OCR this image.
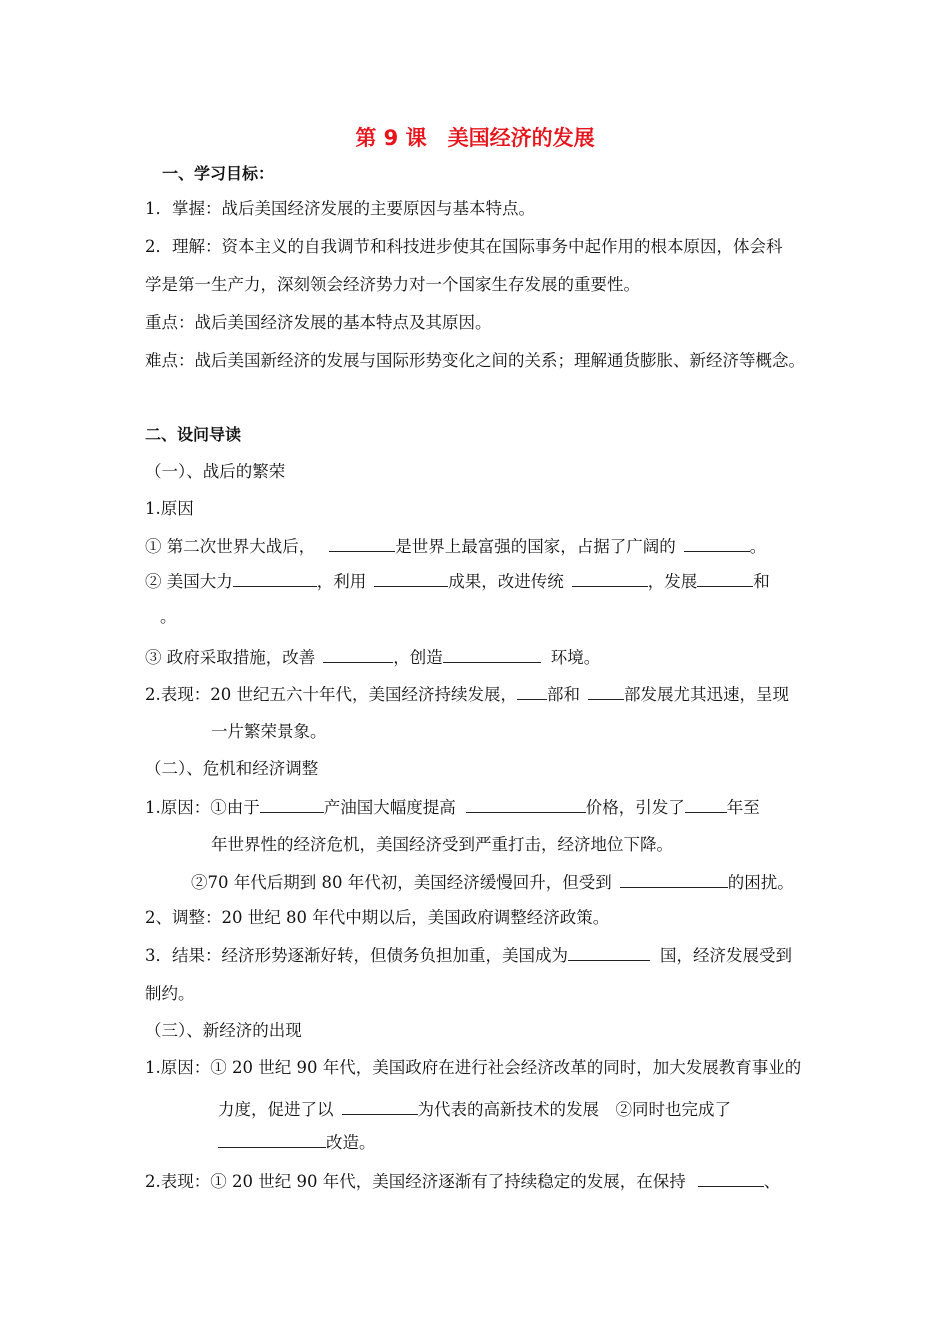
第 9 课　美国经济的发展
一、学习目标：
1．掌握：战后美国经济发展的主要原因与基本特点。
2．理解：资本主义的自我调节和科技进步使其在国际事务中起作用的根本原因，体会科
学是第一生产力，深刻领会经济势力对一个国家生存发展的重要性。
重点：战后美国经济发展的基本特点及其原因。
难点：战后美国新经济的发展与国际形势变化之间的关系；理解通货膨胀、新经济等概念。
二、设问导读
（一）、战后的繁荣
1.原因
① 第二次世界大战后，	是世界上最富强的国家，占据了广阔的	。
② 美国大力	，利用	成果，改进传统	，发展	和
。
③ 政府采取措施，改善	，创造	环境。
2.表现：20 世纪五六十年代，美国经济持续发展， 部和	部发展尤其迅速，呈现
一片繁荣景象。
（二）、危机和经济调整
1.原因：①由于	产油国大幅度提高	价格，引发了	年至
年世界性的经济危机，美国经济受到严重打击，经济地位下降。
②70 年代后期到 80 年代初，美国经济缓慢回升，但受到	的困扰。
2、调整：20 世纪 80 年代中期以后，美国政府调整经济政策。
3．结果：经济形势逐渐好转，但债务负担加重，美国成为	国，经济发展受到
制约。
（三）、新经济的出现
1.原因：① 20 世纪 90 年代，美国政府在进行社会经济改革的同时，加大发展教育事业的
力度，促进了以	为代表的高新技术的发展　②同时也完成了
改造。
2.表现：① 20 世纪 90 年代，美国经济逐渐有了持续稳定的发展，在保持	、
